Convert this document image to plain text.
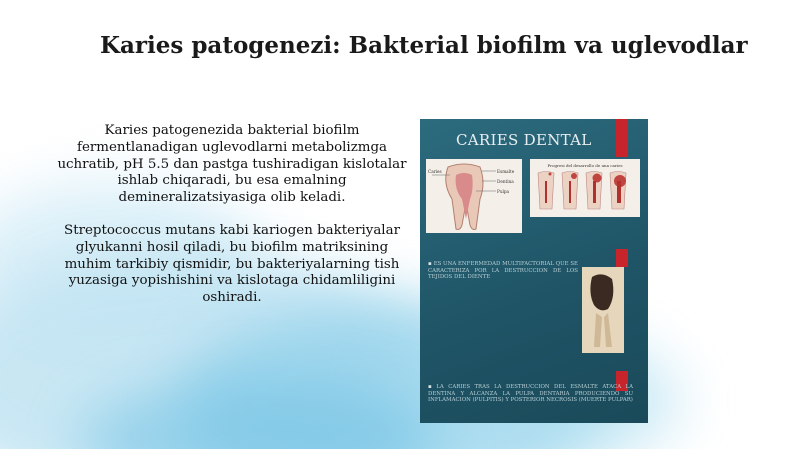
Karies patogenezi: Bakterial biofilm va uglevodlar

Karies patogenezida bakterial biofilm fermentlanadigan uglevodlarni metabolizmga uchratib, pH 5.5 dan pastga tushiradigan kislotalar ishlab chiqaradi, bu esa emalning demineralizatsiyasiga olib keladi.

Streptococcus mutans kabi kariogen bakteriyalar glyukanni hosil qiladi, bu biofilm matriksining muhim tarkibiy qismidir, bu bakteriyalarning tish yuzasiga yopishishini va kislotaga chidamliligini oshiradi.

CARIES DENTAL
Esmalte
Dentina
Pulpa
Caries
Progresi del desarrollo de una caries
▪ ES UNA ENFERMEDAD MULTIFACTORIAL QUE SE CARACTERIZA POR LA DESTRUCCION DE LOS TEJIDOS DEL DIENTE
▪ LA CARIES TRAS LA DESTRUCCION DEL ESMALTE ATACA LA DENTINA Y ALCANZA LA PULPA DENTARIA PRODUCIENDO SU INFLAMACION (PULPITIS) Y POSTERIOR NECROSIS (MUERTE PULPAR)
